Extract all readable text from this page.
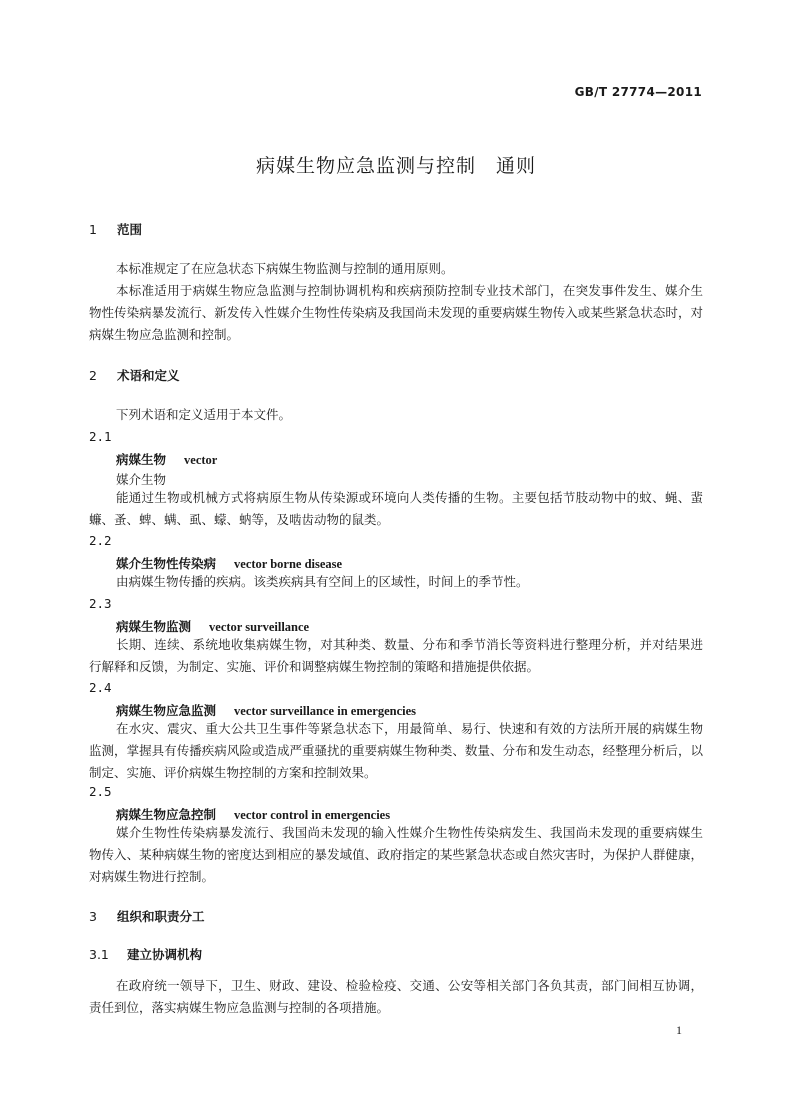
GB/T 27774—2011
病媒生物应急监测与控制　通则
1 范围

本标准规定了在应急状态下病媒生物监测与控制的通用原则。

本标准适用于病媒生物应急监测与控制协调机构和疾病预防控制专业技术部门，在突发事件发生、媒介生物性传染病暴发流行、新发传入性媒介生物性传染病及我国尚未发现的重要病媒生物传入或某些紧急状态时，对病媒生物应急监测和控制。

2 术语和定义

下列术语和定义适用于本文件。

2.1
病媒生物 vector
媒介生物

能通过生物或机械方式将病原生物从传染源或环境向人类传播的生物。主要包括节肢动物中的蚊、蝇、蜚蠊、蚤、蜱、螨、虱、蠓、蚋等，及啮齿动物的鼠类。

2.2
媒介生物性传染病 vector borne disease

由病媒生物传播的疾病。该类疾病具有空间上的区域性，时间上的季节性。

2.3
病媒生物监测 vector surveillance

长期、连续、系统地收集病媒生物，对其种类、数量、分布和季节消长等资料进行整理分析，并对结果进行解释和反馈，为制定、实施、评价和调整病媒生物控制的策略和措施提供依据。

2.4
病媒生物应急监测 vector surveillance in emergencies

在水灾、震灾、重大公共卫生事件等紧急状态下，用最简单、易行、快速和有效的方法所开展的病媒生物监测，掌握具有传播疾病风险或造成严重骚扰的重要病媒生物种类、数量、分布和发生动态，经整理分析后，以制定、实施、评价病媒生物控制的方案和控制效果。

2.5
病媒生物应急控制 vector control in emergencies

媒介生物性传染病暴发流行、我国尚未发现的输入性媒介生物性传染病发生、我国尚未发现的重要病媒生物传入、某种病媒生物的密度达到相应的暴发域值、政府指定的某些紧急状态或自然灾害时，为保护人群健康，对病媒生物进行控制。

3 组织和职责分工
3.1 建立协调机构

在政府统一领导下，卫生、财政、建设、检验检疫、交通、公安等相关部门各负其责，部门间相互协调，责任到位，落实病媒生物应急监测与控制的各项措施。

1
